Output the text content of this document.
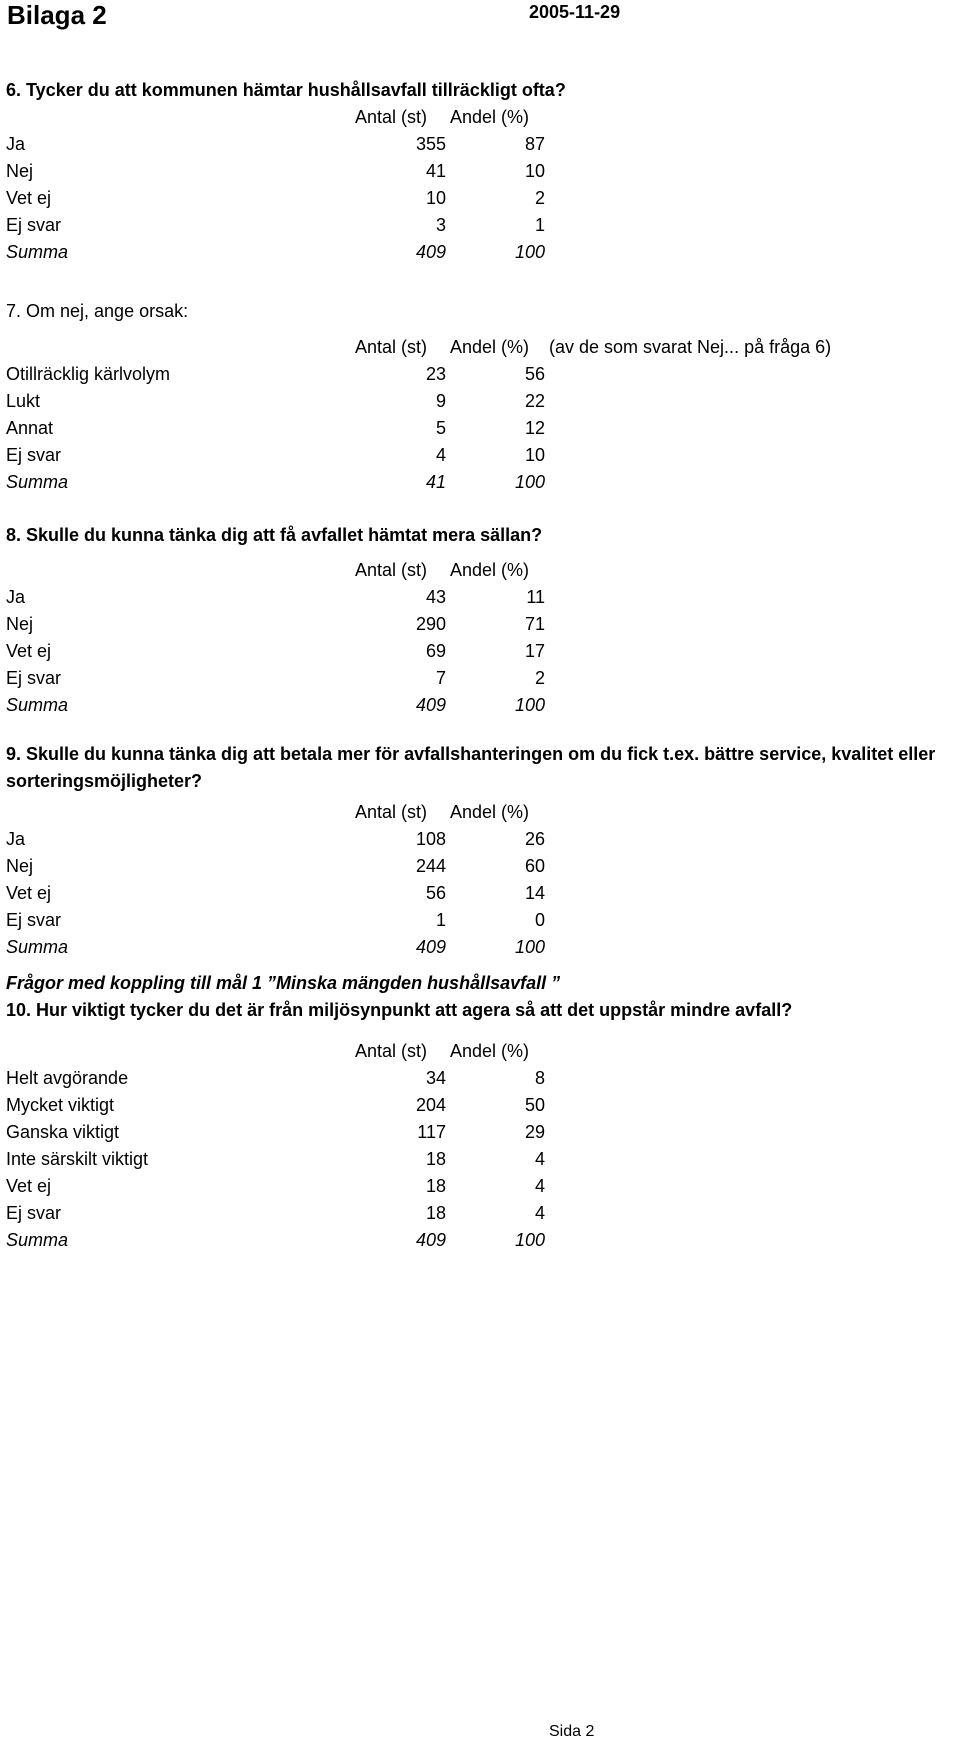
Bilaga 2	2005-11-29
6. Tycker du att kommunen hämtar hushållsavfall tillräckligt ofta?
Antal (st) Andel (%)
Ja	355	87
Nej	41	10
Vet ej	10	2
Ej svar	3	1
Summa	409	100
7. Om nej, ange orsak:
Antal (st) Andel (%) (av de som svarat Nej... på fråga 6)
Otillräcklig kärlvolym	23	56
Lukt	9	22
Annat	5	12
Ej svar	4	10
Summa	41	100
8. Skulle du kunna tänka dig att få avfallet hämtat mera sällan?
Antal (st) Andel (%)
Ja	43	11
Nej	290	71
Vet ej	69	17
Ej svar	7	2
Summa	409	100
9. Skulle du kunna tänka dig att betala mer för avfallshanteringen om du fick t.ex. bättre service, kvalitet eller sorteringsmöjligheter?
Antal (st) Andel (%)
Ja	108	26
Nej	244	60
Vet ej	56	14
Ej svar	1	0
Summa	409	100
Frågor med koppling till mål 1 ”Minska mängden hushållsavfall ”
10. Hur viktigt tycker du det är från miljösynpunkt att agera så att det uppstår mindre avfall?
Antal (st) Andel (%)
Helt avgörande	34	8
Mycket viktigt	204	50
Ganska viktigt	117	29
Inte särskilt viktigt	18	4
Vet ej	18	4
Ej svar	18	4
Summa	409	100
Sida 2
